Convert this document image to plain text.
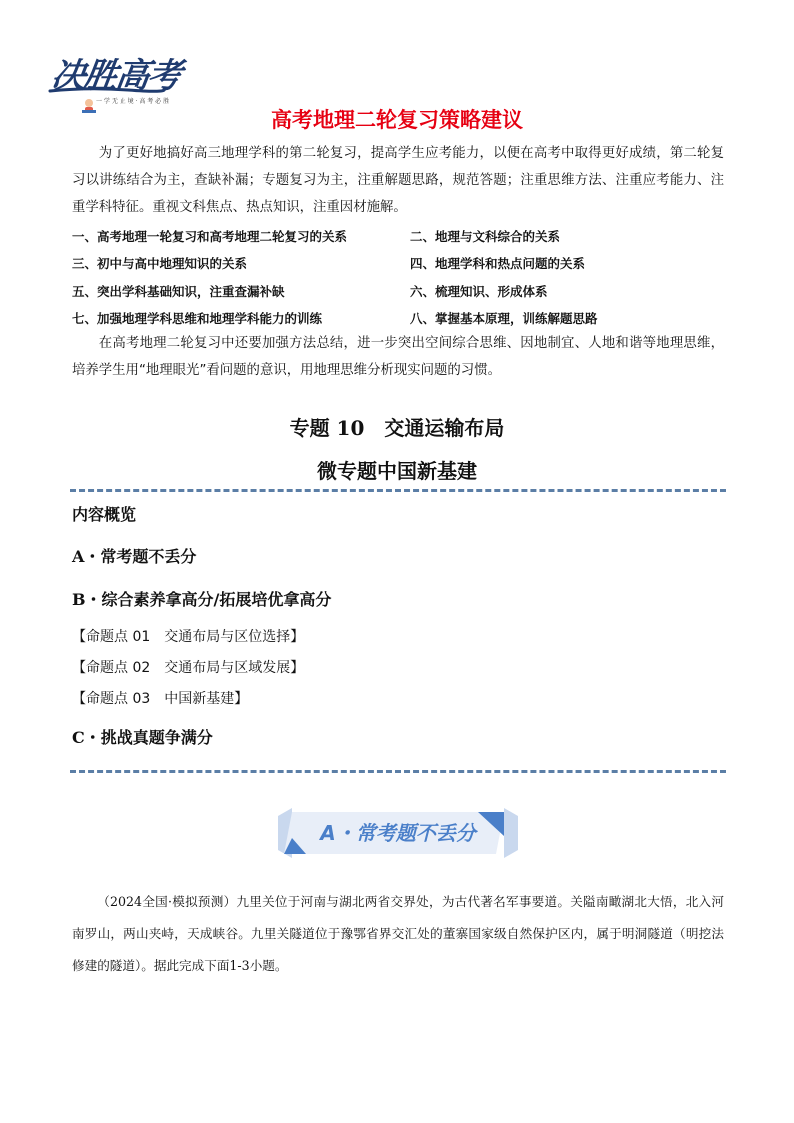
决胜高考
一 学 无 止 境 · 高 考 必 胜
高考地理二轮复习策略建议

为了更好地搞好高三地理学科的第二轮复习，提高学生应考能力，以便在高考中取得更好成绩，第二轮复习以讲练结合为主，查缺补漏；专题复习为主，注重解题思路，规范答题；注重思维方法、注重应考能力、注重学科特征。重视文科焦点、热点知识，注重因材施解。

一、高考地理一轮复习和高考地理二轮复习的关系	二、地理与文科综合的关系
三、初中与高中地理知识的关系	四、地理学科和热点问题的关系
五、突出学科基础知识，注重查漏补缺	六、梳理知识、形成体系
七、加强地理学科思维和地理学科能力的训练	八、掌握基本原理，训练解题思路

在高考地理二轮复习中还要加强方法总结，进一步突出空间综合思维、因地制宜、人地和谐等地理思维，培养学生用“地理眼光”看问题的意识，用地理思维分析现实问题的习惯。

专题 10　交通运输布局
微专题中国新基建
内容概览
A・常考题不丢分
B・综合素养拿高分/拓展培优拿高分
【命题点 01 交通布局与区位选择】
【命题点 02 交通布局与区域发展】
【命题点 03 中国新基建】
C・挑战真题争满分
A・常考题不丢分

（2024全国·模拟预测）九里关位于河南与湖北两省交界处，为古代著名军事要道。关隘南瞰湖北大悟，北入河南罗山，两山夹峙，天成峡谷。九里关隧道位于豫鄂省界交汇处的董寨国家级自然保护区内，属于明洞隧道（明挖法修建的隧道）。据此完成下面1-3小题。
